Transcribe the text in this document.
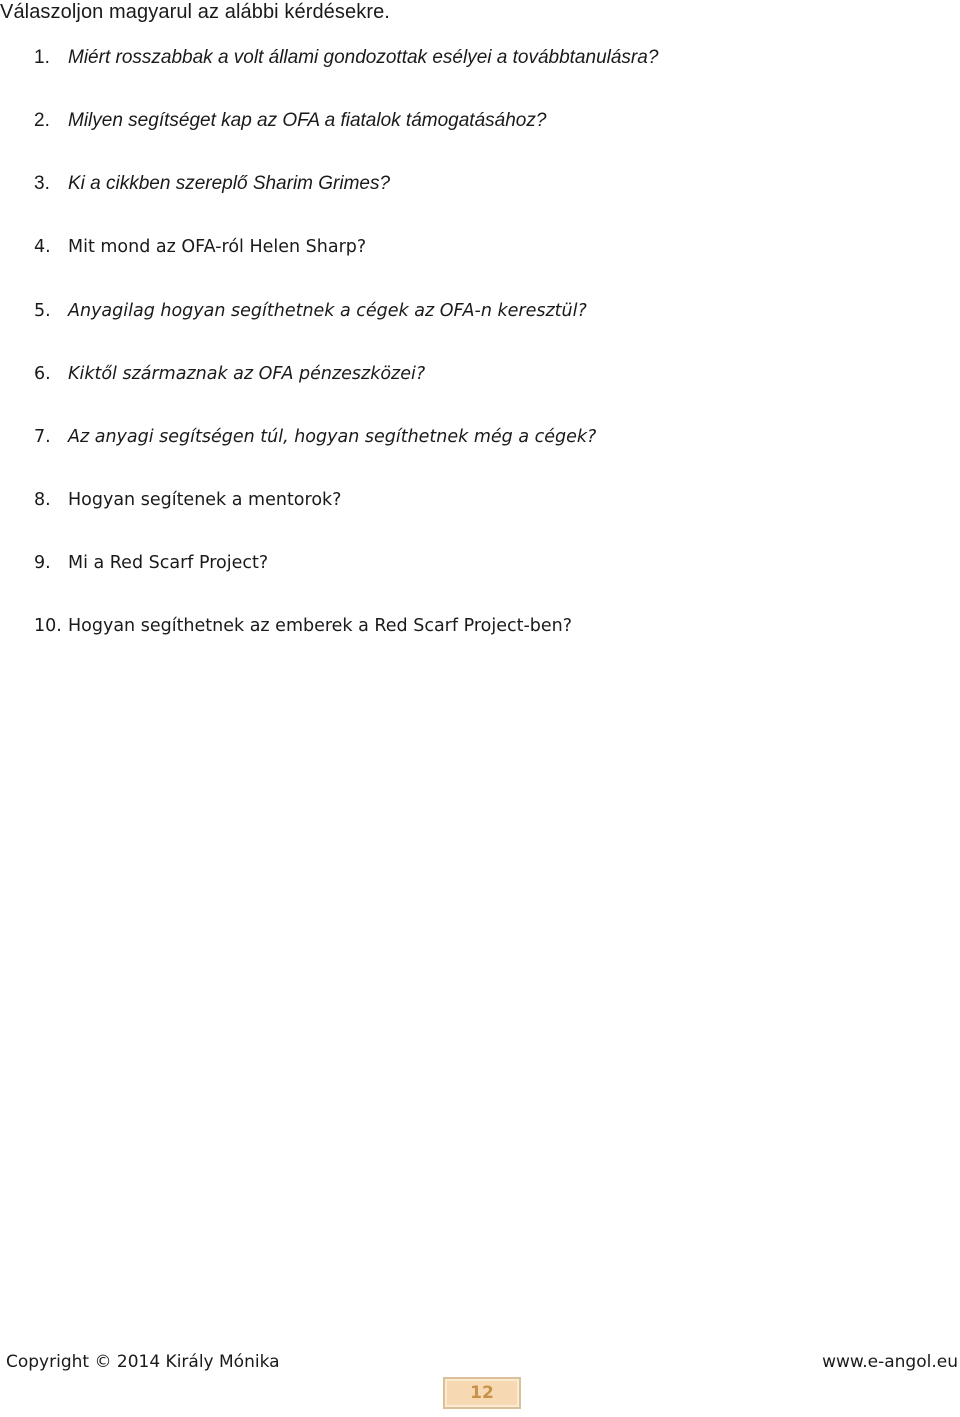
Válaszoljon magyarul az alábbi kérdésekre.
1. Miért rosszabbak a volt állami gondozottak esélyei a továbbtanulásra?
2. Milyen segítséget kap az OFA a fiatalok támogatásához?
3. Ki a cikkben szereplő Sharim Grimes?
4. Mit mond az OFA-ról Helen Sharp?
5. Anyagilag hogyan segíthetnek a cégek az OFA-n keresztül?
6. Kiktől származnak az OFA pénzeszközei?
7. Az anyagi segítségen túl, hogyan segíthetnek még a cégek?
8. Hogyan segítenek a mentorok?
9. Mi a Red Scarf Project?
10. Hogyan segíthetnek az emberek a Red Scarf Project-ben?
Copyright © 2014 Király Mónika	www.e-angol.eu
12
